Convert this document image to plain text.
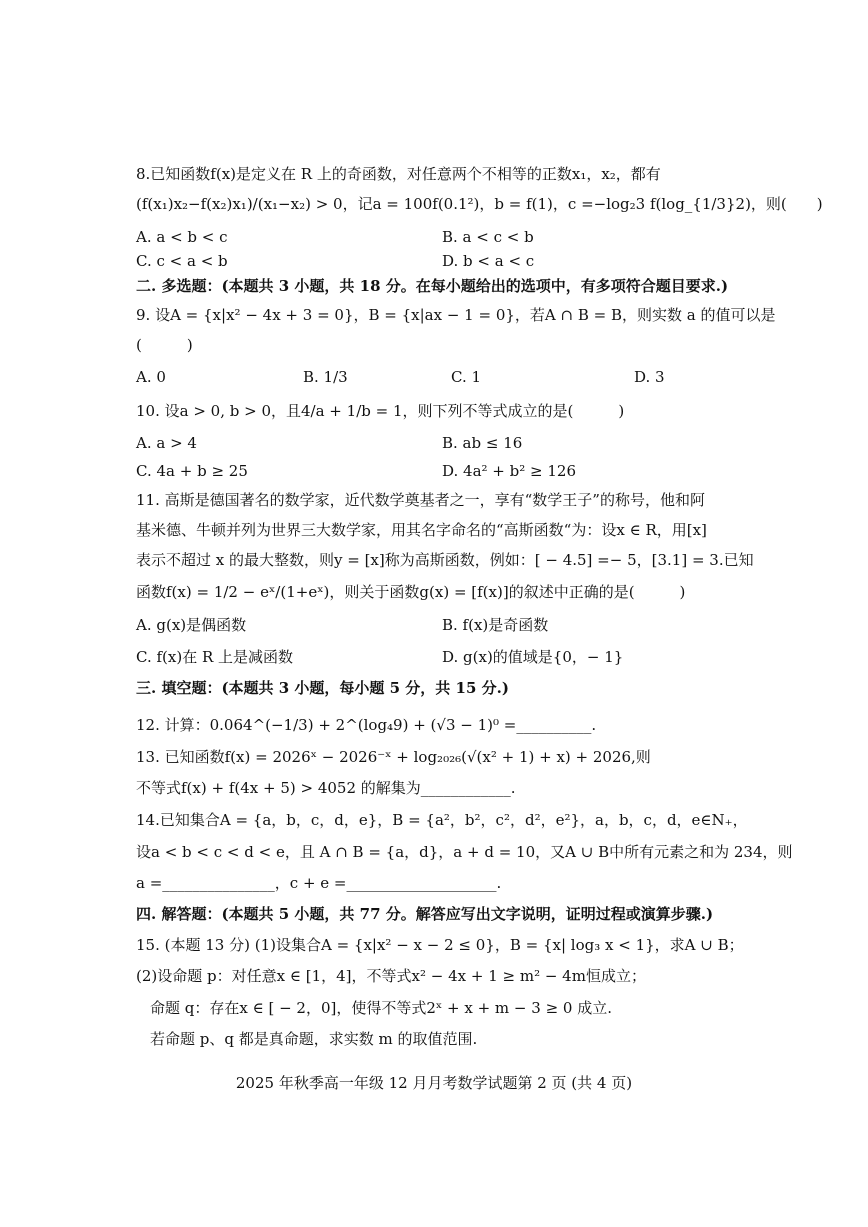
8.已知函数f(x)是定义在 R 上的奇函数，对任意两个不相等的正数x₁，x₂，都有
(f(x₁)x₂−f(x₂)x₁)/(x₁−x₂) > 0，记a = 100f(0.1²)，b = f(1)，c =−log₂3 f(log_{1/3}2)，则(　　)
A. a < b < c	B. a < c < b
C. c < a < b	D. b < a < c
二. 多选题：(本题共 3 小题，共 18 分。在每小题给出的选项中，有多项符合题目要求.)
9. 设A = {x|x² − 4x + 3 = 0}，B = {x|ax − 1 = 0}，若A ∩ B = B，则实数 a 的值可以是
(　　　)
A. 0	B. 1/3	C. 1	D. 3
10. 设a > 0, b > 0，且4/a + 1/b = 1，则下列不等式成立的是(　　　)
A. a > 4	B. ab ≤ 16
C. 4a + b ≥ 25	D. 4a² + b² ≥ 126
11. 高斯是德国著名的数学家，近代数学奠基者之一，享有“数学王子”的称号，他和阿
基米德、牛顿并列为世界三大数学家，用其名字命名的“高斯函数“为：设x ∈ R，用[x]
表示不超过 x 的最大整数，则y = [x]称为高斯函数，例如：[ − 4.5] =− 5，[3.1] = 3.已知
函数f(x) = 1/2 − eˣ/(1+eˣ)，则关于函数g(x) = [f(x)]的叙述中正确的是(　　　)
A. g(x)是偶函数	B. f(x)是奇函数
C. f(x)在 R 上是减函数	D. g(x)的值域是{0，− 1}
三. 填空题：(本题共 3 小题，每小题 5 分，共 15 分.)
12. 计算：0.064^(−1/3) + 2^(log₄9) + (√3 − 1)⁰ =__________.
13. 已知函数f(x) = 2026ˣ − 2026⁻ˣ + log₂₀₂₆(√(x² + 1) + x) + 2026,则
不等式f(x) + f(4x + 5) > 4052 的解集为____________.
14.已知集合A = {a，b，c，d，e}，B = {a²，b²，c²，d²，e²}，a，b，c，d，e∈N₊，
设a < b < c < d < e，且 A ∩ B = {a，d}，a + d = 10，又A ∪ B中所有元素之和为 234，则
a =_______________，c + e =____________________.
四. 解答题：(本题共 5 小题，共 77 分。解答应写出文字说明，证明过程或演算步骤.)
15. (本题 13 分) (1)设集合A = {x|x² − x − 2 ≤ 0}，B = {x| log₃ x < 1}，求A ∪ B；
(2)设命题 p：对任意x ∈ [1，4]，不等式x² − 4x + 1 ≥ m² − 4m恒成立；
命题 q：存在x ∈ [ − 2，0]，使得不等式2ˣ + x + m − 3 ≥ 0 成立.
若命题 p、q 都是真命题，求实数 m 的取值范围.
2025 年秋季高一年级 12 月月考数学试题第 2 页 (共 4 页)
